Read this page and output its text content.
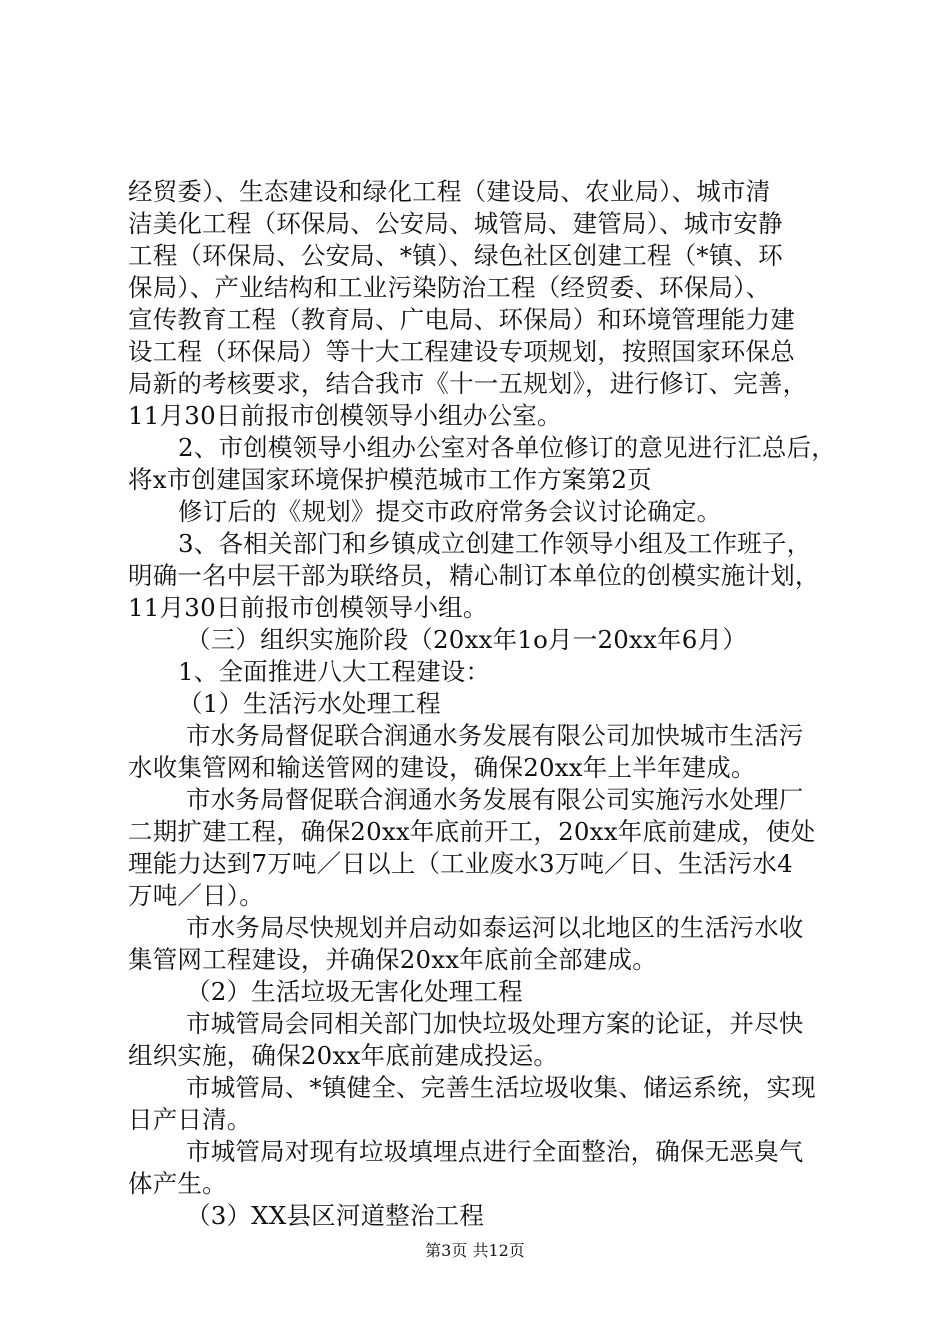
经贸委）、生态建设和绿化工程（建设局、农业局）、城市清
洁美化工程（环保局、公安局、城管局、建管局）、城市安静
工程（环保局、公安局、*镇）、绿色社区创建工程（*镇、环
保局）、产业结构和工业污染防治工程（经贸委、环保局）、
宣传教育工程（教育局、广电局、环保局）和环境管理能力建
设工程（环保局）等十大工程建设专项规划，按照国家环保总
局新的考核要求，结合我市《十一五规划》，进行修订、完善，
11月30日前报市创模领导小组办公室。
2、市创模领导小组办公室对各单位修订的意见进行汇总后，
将x市创建国家环境保护模范城市工作方案第2页
修订后的《规划》提交市政府常务会议讨论确定。
3、各相关部门和乡镇成立创建工作领导小组及工作班子，
明确一名中层干部为联络员，精心制订本单位的创模实施计划，
11月30日前报市创模领导小组。
（三）组织实施阶段（20xx年1o月一20xx年6月）
1、全面推进八大工程建设：
（1）生活污水处理工程
市水务局督促联合润通水务发展有限公司加快城市生活污
水收集管网和输送管网的建设，确保20xx年上半年建成。
市水务局督促联合润通水务发展有限公司实施污水处理厂
二期扩建工程，确保20xx年底前开工，20xx年底前建成，使处
理能力达到7万吨／日以上（工业废水3万吨／日、生活污水4
万吨／日）。
市水务局尽快规划并启动如泰运河以北地区的生活污水收
集管网工程建设，并确保20xx年底前全部建成。
（2）生活垃圾无害化处理工程
市城管局会同相关部门加快垃圾处理方案的论证，并尽快
组织实施，确保20xx年底前建成投运。
市城管局、*镇健全、完善生活垃圾收集、储运系统，实现
日产日清。
市城管局对现有垃圾填埋点进行全面整治，确保无恶臭气
体产生。
（3）XX县区河道整治工程
第3页 共12页
